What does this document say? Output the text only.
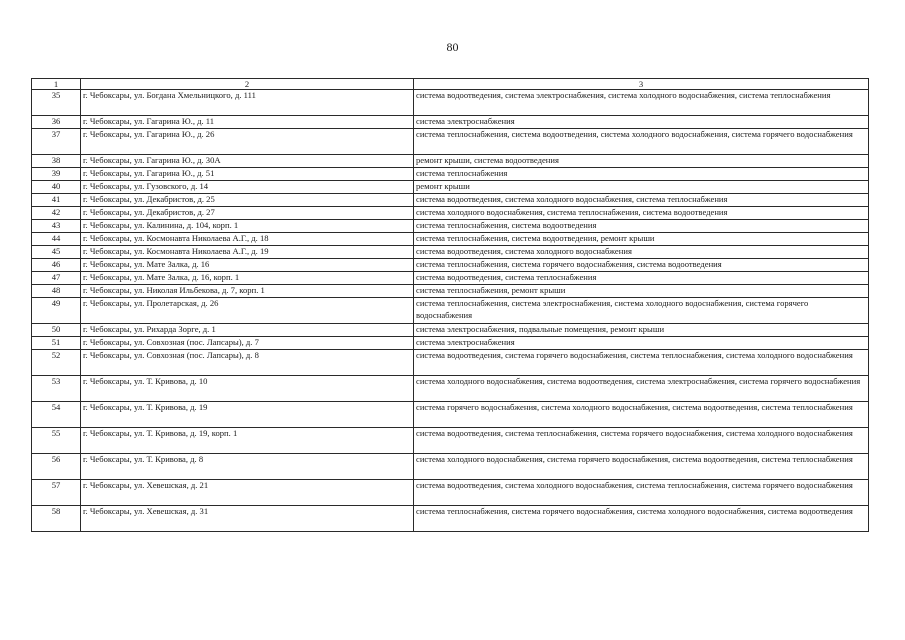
80
1	2	3
35	г. Чебоксары, ул. Богдана Хмельницкого, д. 111	система водоотведения, система электроснабжения, система холодного водоснабжения, система теплоснабжения
36	г. Чебоксары, ул. Гагарина Ю., д. 11	система электроснабжения
37	г. Чебоксары, ул. Гагарина Ю., д. 26	система теплоснабжения, система водоотведения, система холодного водоснабжения, система горячего водоснабжения
38	г. Чебоксары, ул. Гагарина Ю., д. 30А	ремонт крыши, система водоотведения
39	г. Чебоксары, ул. Гагарина Ю., д. 51	система теплоснабжения
40	г. Чебоксары, ул. Гузовского, д. 14	ремонт крыши
41	г. Чебоксары, ул. Декабристов, д. 25	система водоотведения, система холодного водоснабжения, система теплоснабжения
42	г. Чебоксары, ул. Декабристов, д. 27	система холодного водоснабжения, система теплоснабжения, система водоотведения
43	г. Чебоксары, ул. Калинина, д. 104, корп. 1	система теплоснабжения, система водоотведения
44	г. Чебоксары, ул. Космонавта Николаева А.Г., д. 18	система теплоснабжения, система водоотведения, ремонт крыши
45	г. Чебоксары, ул. Космонавта Николаева А.Г., д. 19	система водоотведения, система холодного водоснабжения
46	г. Чебоксары, ул. Мате Залка, д. 16	система теплоснабжения, система горячего водоснабжения, система водоотведения
47	г. Чебоксары, ул. Мате Залка, д. 16, корп. 1	система водоотведения, система теплоснабжения
48	г. Чебоксары, ул. Николая Ильбекова, д. 7, корп. 1	система теплоснабжения, ремонт крыши
49	г. Чебоксары, ул. Пролетарская, д. 26	система теплоснабжения, система электроснабжения, система холодного водоснабжения, система горячего водоснабжения
50	г. Чебоксары, ул. Рихарда Зорге, д. 1	система электроснабжения, подвальные помещения, ремонт крыши
51	г. Чебоксары, ул. Совхозная (пос. Лапсары), д. 7	система электроснабжения
52	г. Чебоксары, ул. Совхозная (пос. Лапсары), д. 8	система водоотведения, система горячего водоснабжения, система теплоснабжения, система холодного водоснабжения
53	г. Чебоксары, ул. Т. Кривова, д. 10	система холодного водоснабжения, система водоотведения, система электроснабжения, система горячего водоснабжения
54	г. Чебоксары, ул. Т. Кривова, д. 19	система горячего водоснабжения, система холодного водоснабжения, система водоотведения, система теплоснабжения
55	г. Чебоксары, ул. Т. Кривова, д. 19, корп. 1	система водоотведения, система теплоснабжения, система горячего водоснабжения, система холодного водоснабжения
56	г. Чебоксары, ул. Т. Кривова, д. 8	система холодного водоснабжения, система горячего водоснабжения, система водоотведения, система теплоснабжения
57	г. Чебоксары, ул. Хевешская, д. 21	система водоотведения, система холодного водоснабжения, система теплоснабжения, система горячего водоснабжения
58	г. Чебоксары, ул. Хевешская, д. 31	система теплоснабжения, система горячего водоснабжения, система холодного водоснабжения, система водоотведения
